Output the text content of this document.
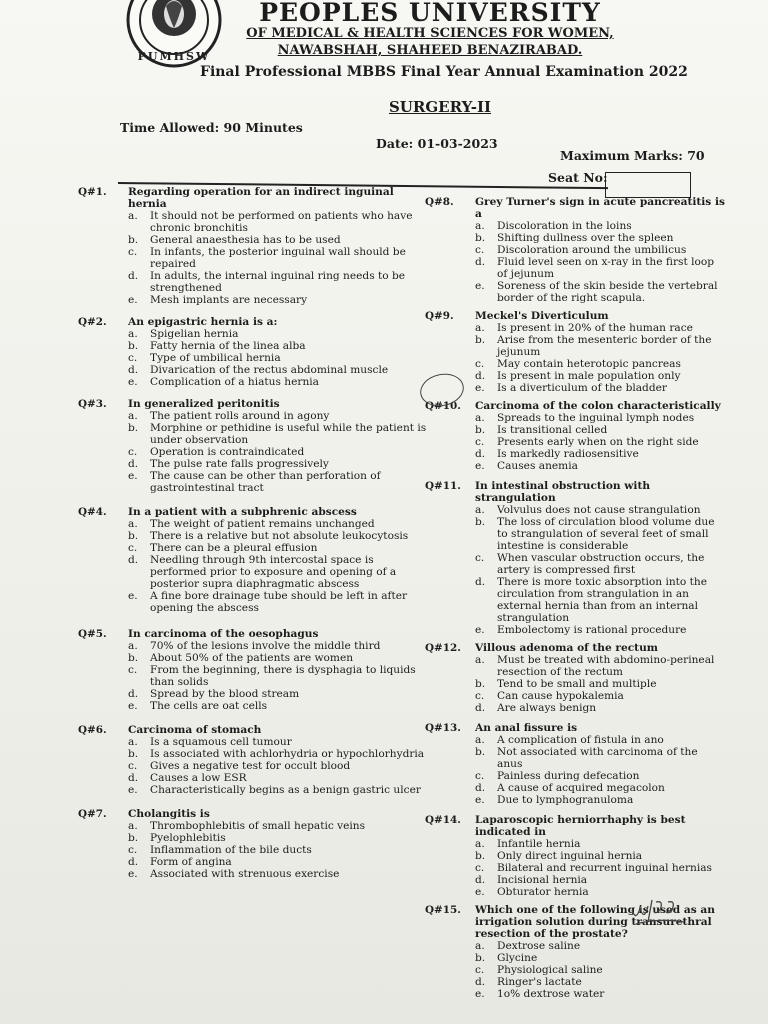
PUMHSW
PEOPLES UNIVERSITY
OF MEDICAL & HEALTH SCIENCES FOR WOMEN,
NAWABSHAH, SHAHEED BENAZIRABAD.
Final Professional MBBS Final Year Annual Examination 2022
SURGERY-II
Time Allowed: 90 Minutes
Date: 01-03-2023
Maximum Marks: 70
Seat No:
Q#1. Regarding operation for an indirect inguinal hernia
a. It should not be performed on patients who have chronic bronchitis
b. General anaesthesia has to be used
c. In infants, the posterior inguinal wall should be repaired
d. In adults, the internal inguinal ring needs to be strengthened
e. Mesh implants are necessary
Q#2. An epigastric hernia is a:
a. Spigelian hernia
b. Fatty hernia of the linea alba
c. Type of umbilical hernia
d. Divarication of the rectus abdominal muscle
e. Complication of a hiatus hernia
Q#3. In generalized peritonitis
a. The patient rolls around in agony
b. Morphine or pethidine is useful while the patient is under observation
c. Operation is contraindicated
d. The pulse rate falls progressively
e. The cause can be other than perforation of gastrointestinal tract
Q#4. In a patient with a subphrenic abscess
a. The weight of patient remains unchanged
b. There is a relative but not absolute leukocytosis
c. There can be a pleural effusion
d. Needling through 9th intercostal space is performed prior to exposure and opening of a posterior supra diaphragmatic abscess
e. A fine bore drainage tube should be left in after opening the abscess
Q#5. In carcinoma of the oesophagus
a. 70% of the lesions involve the middle third
b. About 50% of the patients are women
c. From the beginning, there is dysphagia to liquids than solids
d. Spread by the blood stream
e. The cells are oat cells
Q#6. Carcinoma of stomach
a. Is a squamous cell tumour
b. Is associated with achlorhydria or hypochlorhydria
c. Gives a negative test for occult blood
d. Causes a low ESR
e. Characteristically begins as a benign gastric ulcer
Q#7. Cholangitis is
a. Thrombophlebitis of small hepatic veins
b. Pyelophlebitis
c. Inflammation of the bile ducts
d. Form of angina
e. Associated with strenuous exercise
Q#8. Grey Turner's sign in acute pancreatitis is a
a. Discoloration in the loins
b. Shifting dullness over the spleen
c. Discoloration around the umbilicus
d. Fluid level seen on x-ray in the first loop of jejunum
e. Soreness of the skin beside the vertebral border of the right scapula.
Q#9. Meckel's Diverticulum
a. Is present in 20% of the human race
b. Arise from the mesenteric border of the jejunum
c. May contain heterotopic pancreas
d. Is present in male population only
e. Is a diverticulum of the bladder
Q#10. Carcinoma of the colon characteristically
a. Spreads to the inguinal lymph nodes
b. Is transitional celled
c. Presents early when on the right side
d. Is markedly radiosensitive
e. Causes anemia
Q#11. In intestinal obstruction with strangulation
a. Volvulus does not cause strangulation
b. The loss of circulation blood volume due to strangulation of several feet of small intestine is considerable
c. When vascular obstruction occurs, the artery is compressed first
d. There is more toxic absorption into the circulation from strangulation in an external hernia than from an internal strangulation
e. Embolectomy is rational procedure
Q#12. Villous adenoma of the rectum
a. Must be treated with abdomino-perineal resection of the rectum
b. Tend to be small and multiple
c. Can cause hypokalemia
d. Are always benign
Q#13. An anal fissure is
a. A complication of fistula in ano
b. Not associated with carcinoma of the anus
c. Painless during defecation
d. A cause of acquired megacolon
e. Due to lymphogranuloma
Q#14. Laparoscopic herniorrhaphy is best indicated in
a. Infantile hernia
b. Only direct inguinal hernia
c. Bilateral and recurrent inguinal hernias
d. Incisional hernia
e. Obturator hernia
Q#15. Which one of the following is used as an irrigation solution during transurethral resection of the prostate?
a. Dextrose saline
b. Glycine
c. Physiological saline
d. Ringer's lactate
e. 1o% dextrose water
